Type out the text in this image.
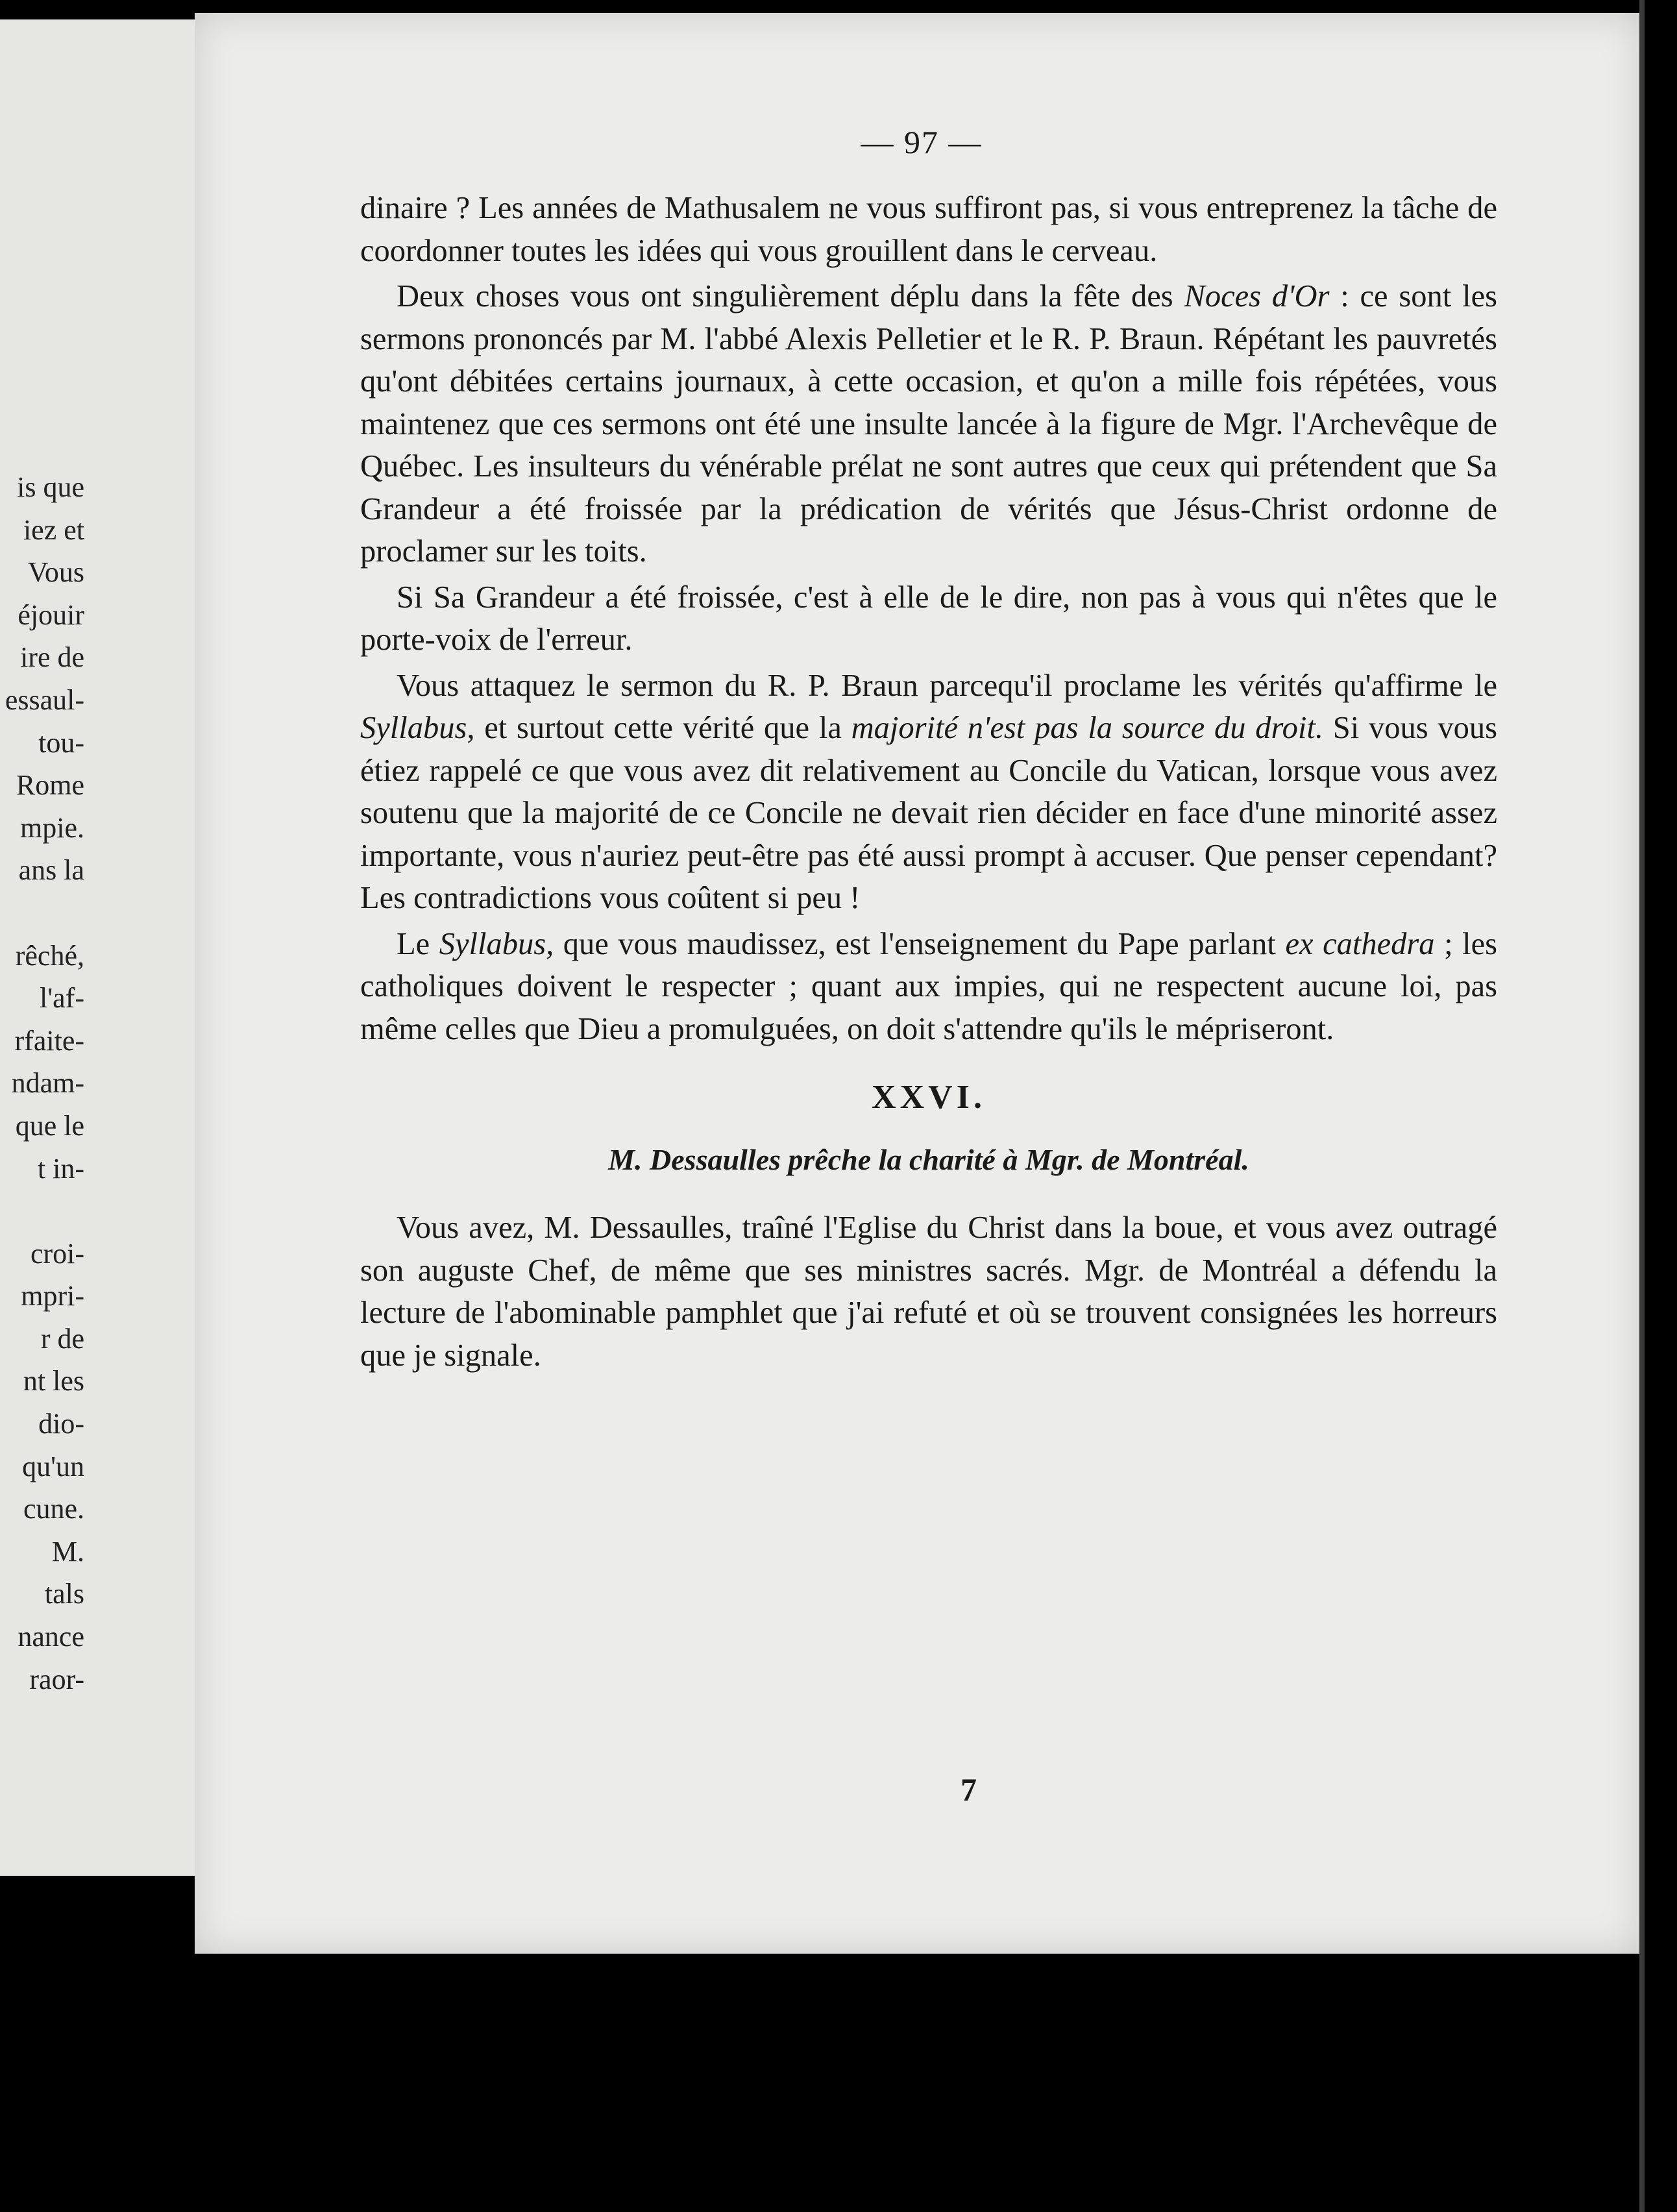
is que
iez et
Vous
éjouir
ire de
essaul-
tou-
Rome
mpie.
ans la
rêché,
l'af-
rfaite-
ndam-
que le
t in-
croi-
mpri-
r de
nt les
dio-
qu'un
cune.
M.
tals
nance
raor-
— 97 —

dinaire ? Les années de Mathusalem ne vous suffiront pas, si vous entreprenez la tâche de coordonner toutes les idées qui vous grouillent dans le cerveau.

Deux choses vous ont singulièrement déplu dans la fête des Noces d'Or : ce sont les sermons prononcés par M. l'abbé Alexis Pelletier et le R. P. Braun. Répétant les pauvretés qu'ont débitées certains journaux, à cette occasion, et qu'on a mille fois répétées, vous maintenez que ces sermons ont été une insulte lancée à la figure de Mgr. l'Archevêque de Québec. Les insulteurs du vénérable prélat ne sont autres que ceux qui prétendent que Sa Grandeur a été froissée par la prédication de vérités que Jésus-Christ ordonne de proclamer sur les toits.

Si Sa Grandeur a été froissée, c'est à elle de le dire, non pas à vous qui n'êtes que le porte-voix de l'erreur.

Vous attaquez le sermon du R. P. Braun parcequ'il proclame les vérités qu'affirme le Syllabus, et surtout cette vérité que la majorité n'est pas la source du droit. Si vous vous étiez rappelé ce que vous avez dit relativement au Concile du Vatican, lorsque vous avez soutenu que la majorité de ce Concile ne devait rien décider en face d'une minorité assez importante, vous n'auriez peut-être pas été aussi prompt à accuser. Que penser cependant? Les contradictions vous coûtent si peu !

Le Syllabus, que vous maudissez, est l'enseignement du Pape parlant ex cathedra ; les catholiques doivent le respecter ; quant aux impies, qui ne respectent aucune loi, pas même celles que Dieu a promulguées, on doit s'attendre qu'ils le mépriseront.

XXVI.
M. Dessaulles prêche la charité à Mgr. de Montréal.

Vous avez, M. Dessaulles, traîné l'Eglise du Christ dans la boue, et vous avez outragé son auguste Chef, de même que ses ministres sacrés. Mgr. de Montréal a défendu la lecture de l'abominable pamphlet que j'ai refuté et où se trouvent consignées les horreurs que je signale.

7
